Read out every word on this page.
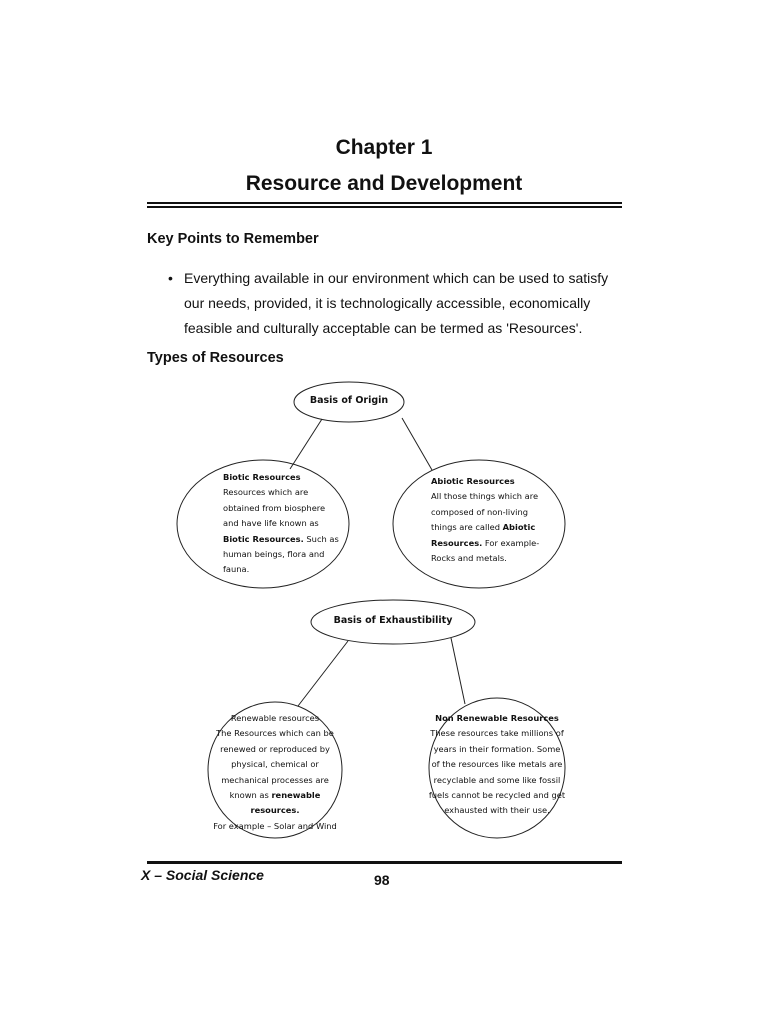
Chapter 1
Resource and Development
Key Points to Remember
• Everything available in our environment which can be used to satisfy
our needs, provided, it is technologically accessible, economically
feasible and culturally acceptable can be termed as 'Resources'.
Types of Resources
Basis of Origin
Basis of Exhaustibility
Biotic Resources
Resources which are
obtained from biosphere
and have life known as
Biotic Resources. Such as
human beings, flora and
fauna.
Abiotic Resources
All those things which are
composed of non-living
things are called Abiotic
Resources. For example-
Rocks and metals.
Renewable resources
The Resources which can be
renewed or reproduced by
physical, chemical or
mechanical processes are
known as renewable resources.
For example – Solar and Wind
Non Renewable Resources
These resources take millions of
years in their formation. Some
of the resources like metals are
recyclable and some like fossil
fuels cannot be recycled and get
exhausted with their use.
X – Social Science	98
